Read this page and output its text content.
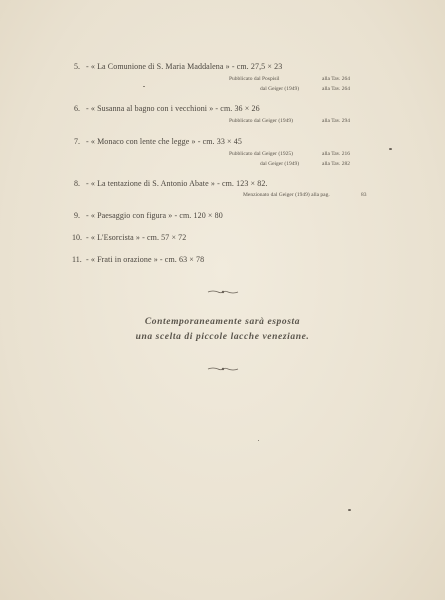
5. - « La Comunione di S. Maria Maddalena » - cm. 27,5 × 23
Pubblicato dal Pospisil	alla Tav. 264
dal Geiger (1949)	alla Tav. 264
6. - « Susanna al bagno con i vecchioni » - cm. 36 × 26
Pubblicato dal Geiger (1949)	alla Tav. 294
7. - « Monaco con lente che legge » - cm. 33 × 45
Pubblicato dal Geiger (1925)	alla Tav. 216
dal Geiger (1949)	alla Tav. 282
8. - « La tentazione di S. Antonio Abate » - cm. 123 × 82.
Menzionato dal Geiger (1949) alla pag.	83
9. - « Paesaggio con figura » - cm. 120 × 80
10. - « L'Esorcista » - cm. 57 × 72
11. - « Frati in orazione » - cm. 63 × 78
Contemporaneamente sarà esposta
una scelta di piccole lacche veneziane.
